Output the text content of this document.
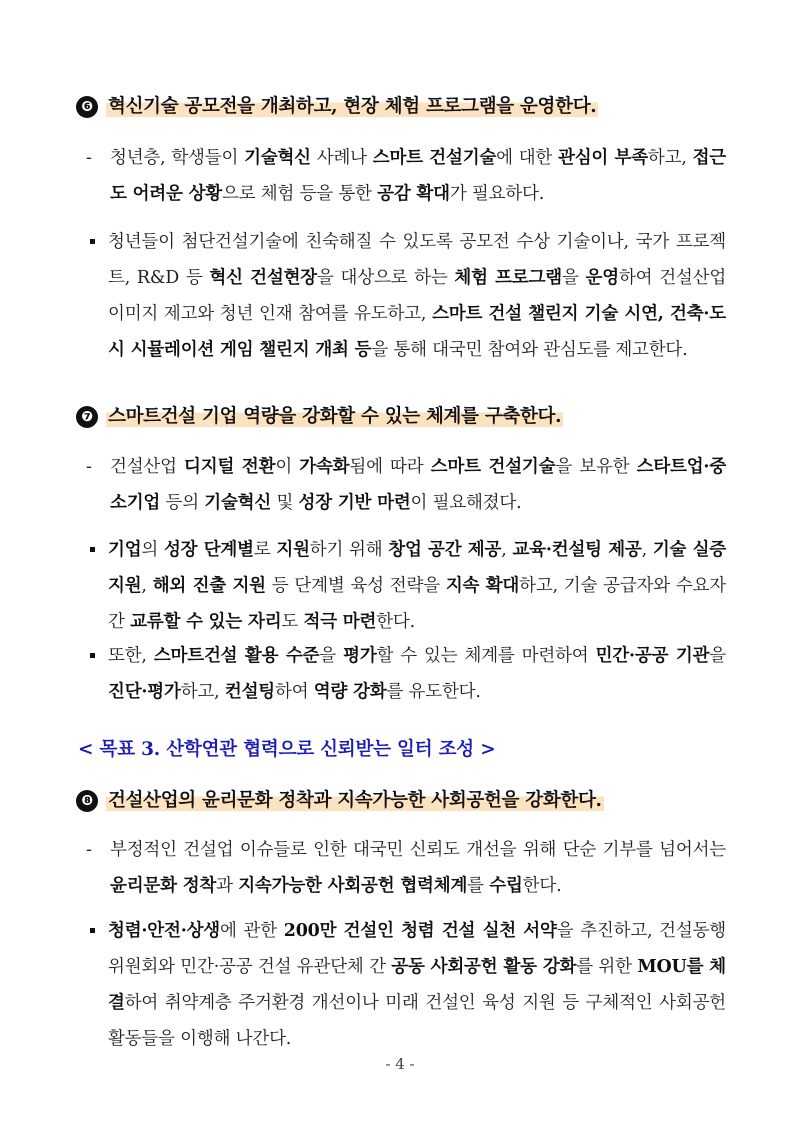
❻ 혁신기술 공모전을 개최하고, 현장 체험 프로그램을 운영한다.
- 청년층, 학생들이 기술혁신 사례나 스마트 건설기술에 대한 관심이 부족하고, 접근도 어려운 상황으로 체험 등을 통한 공감 확대가 필요하다.
청년들이 첨단건설기술에 친숙해질 수 있도록 공모전 수상 기술이나, 국가 프로젝트, R&D 등 혁신 건설현장을 대상으로 하는 체험 프로그램을 운영하여 건설산업 이미지 제고와 청년 인재 참여를 유도하고, 스마트 건설 챌린지 기술 시연, 건축·도시 시뮬레이션 게임 챌린지 개최 등을 통해 대국민 참여와 관심도를 제고한다.
❼ 스마트건설 기업 역량을 강화할 수 있는 체계를 구축한다.
- 건설산업 디지털 전환이 가속화됨에 따라 스마트 건설기술을 보유한 스타트업·중소기업 등의 기술혁신 및 성장 기반 마련이 필요해졌다.
기업의 성장 단계별로 지원하기 위해 창업 공간 제공, 교육·컨설팅 제공, 기술 실증 지원, 해외 진출 지원 등 단계별 육성 전략을 지속 확대하고, 기술 공급자와 수요자 간 교류할 수 있는 자리도 적극 마련한다.
또한, 스마트건설 활용 수준을 평가할 수 있는 체계를 마련하여 민간·공공 기관을 진단·평가하고, 컨설팅하여 역량 강화를 유도한다.
< 목표 3. 산학연관 협력으로 신뢰받는 일터 조성 >
❽ 건설산업의 윤리문화 정착과 지속가능한 사회공헌을 강화한다.
- 부정적인 건설업 이슈들로 인한 대국민 신뢰도 개선을 위해 단순 기부를 넘어서는 윤리문화 정착과 지속가능한 사회공헌 협력체계를 수립한다.
청렴·안전·상생에 관한 200만 건설인 청렴 건설 실천 서약을 추진하고, 건설동행위원회와 민간·공공 건설 유관단체 간 공동 사회공헌 활동 강화를 위한 MOU를 체결하여 취약계층 주거환경 개선이나 미래 건설인 육성 지원 등 구체적인 사회공헌 활동들을 이행해 나간다.
- 4 -
